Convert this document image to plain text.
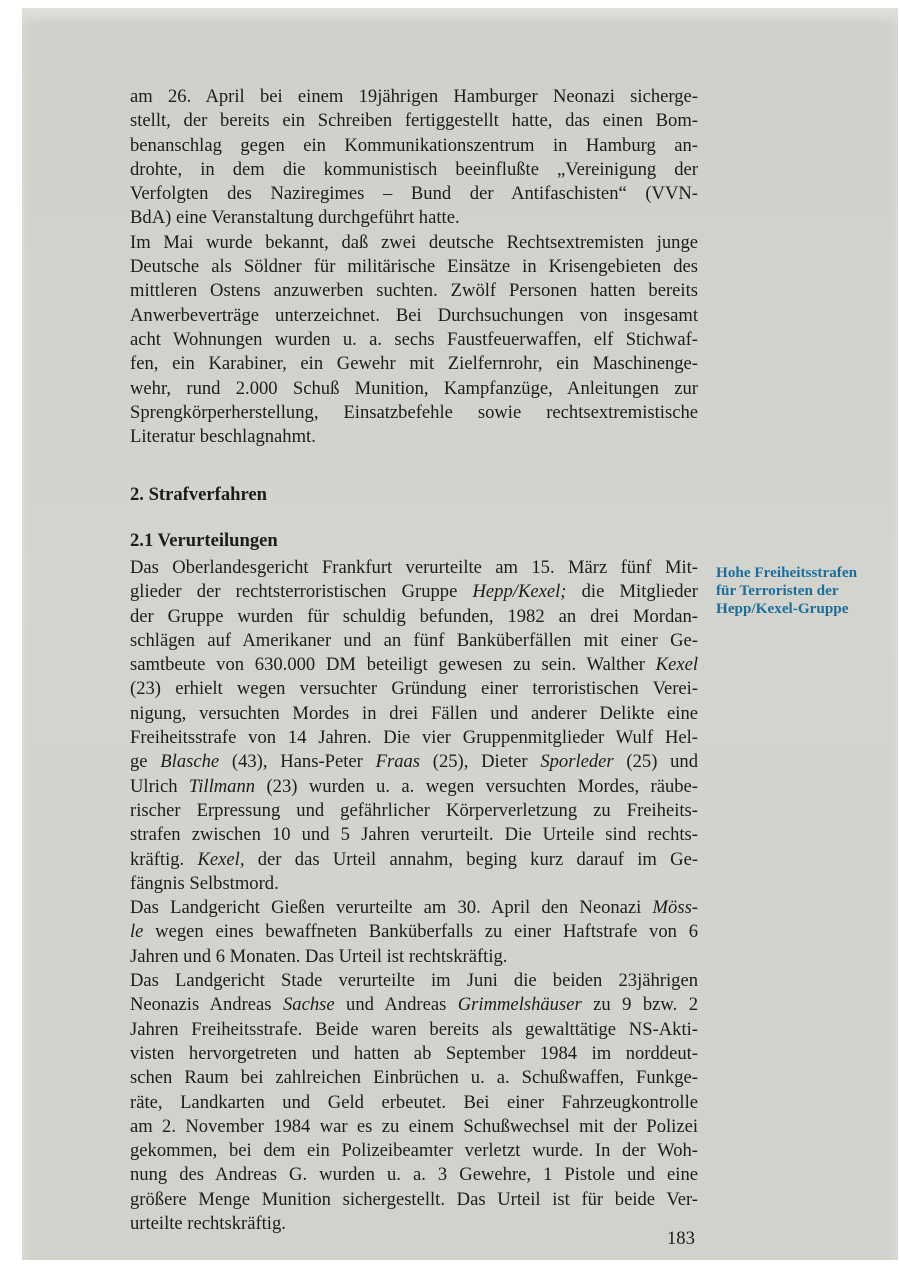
am 26. April bei einem 19jährigen Hamburger Neonazi sicherge-
stellt, der bereits ein Schreiben fertiggestellt hatte, das einen Bom-
benanschlag gegen ein Kommunikationszentrum in Hamburg an-
drohte, in dem die kommunistisch beeinflußte „Vereinigung der
Verfolgten des Naziregimes – Bund der Antifaschisten“ (VVN-
BdA) eine Veranstaltung durchgeführt hatte.

Im Mai wurde bekannt, daß zwei deutsche Rechtsextremisten junge
Deutsche als Söldner für militärische Einsätze in Krisengebieten des
mittleren Ostens anzuwerben suchten. Zwölf Personen hatten bereits
Anwerbeverträge unterzeichnet. Bei Durchsuchungen von insgesamt
acht Wohnungen wurden u. a. sechs Faustfeuerwaffen, elf Stichwaf-
fen, ein Karabiner, ein Gewehr mit Zielfernrohr, ein Maschinenge-
wehr, rund 2.000 Schuß Munition, Kampfanzüge, Anleitungen zur
Sprengkörperherstellung, Einsatzbefehle sowie rechtsextremistische
Literatur beschlagnahmt.

2. Strafverfahren
2.1 Verurteilungen

Das Oberlandesgericht Frankfurt verurteilte am 15. März fünf Mit-
glieder der rechtsterroristischen Gruppe Hepp/Kexel; die Mitglieder
der Gruppe wurden für schuldig befunden, 1982 an drei Mordan-
schlägen auf Amerikaner und an fünf Banküberfällen mit einer Ge-
samtbeute von 630.000 DM beteiligt gewesen zu sein. Walther Kexel
(23) erhielt wegen versuchter Gründung einer terroristischen Verei-
nigung, versuchten Mordes in drei Fällen und anderer Delikte eine
Freiheitsstrafe von 14 Jahren. Die vier Gruppenmitglieder Wulf Hel-
ge Blasche (43), Hans-Peter Fraas (25), Dieter Sporleder (25) und
Ulrich Tillmann (23) wurden u. a. wegen versuchten Mordes, räube-
rischer Erpressung und gefährlicher Körperverletzung zu Freiheits-
strafen zwischen 10 und 5 Jahren verurteilt. Die Urteile sind rechts-
kräftig. Kexel, der das Urteil annahm, beging kurz darauf im Ge-
fängnis Selbstmord.

Das Landgericht Gießen verurteilte am 30. April den Neonazi Möss-
le wegen eines bewaffneten Banküberfalls zu einer Haftstrafe von 6
Jahren und 6 Monaten. Das Urteil ist rechtskräftig.

Das Landgericht Stade verurteilte im Juni die beiden 23jährigen
Neonazis Andreas Sachse und Andreas Grimmelshäuser zu 9 bzw. 2
Jahren Freiheitsstrafe. Beide waren bereits als gewalttätige NS-Akti-
visten hervorgetreten und hatten ab September 1984 im norddeut-
schen Raum bei zahlreichen Einbrüchen u. a. Schußwaffen, Funkge-
räte, Landkarten und Geld erbeutet. Bei einer Fahrzeugkontrolle
am 2. November 1984 war es zu einem Schußwechsel mit der Polizei
gekommen, bei dem ein Polizeibeamter verletzt wurde. In der Woh-
nung des Andreas G. wurden u. a. 3 Gewehre, 1 Pistole und eine
größere Menge Munition sichergestellt. Das Urteil ist für beide Ver-
urteilte rechtskräftig.

Hohe Freiheitsstrafen
für Terroristen der
Hepp/Kexel-Gruppe

183
